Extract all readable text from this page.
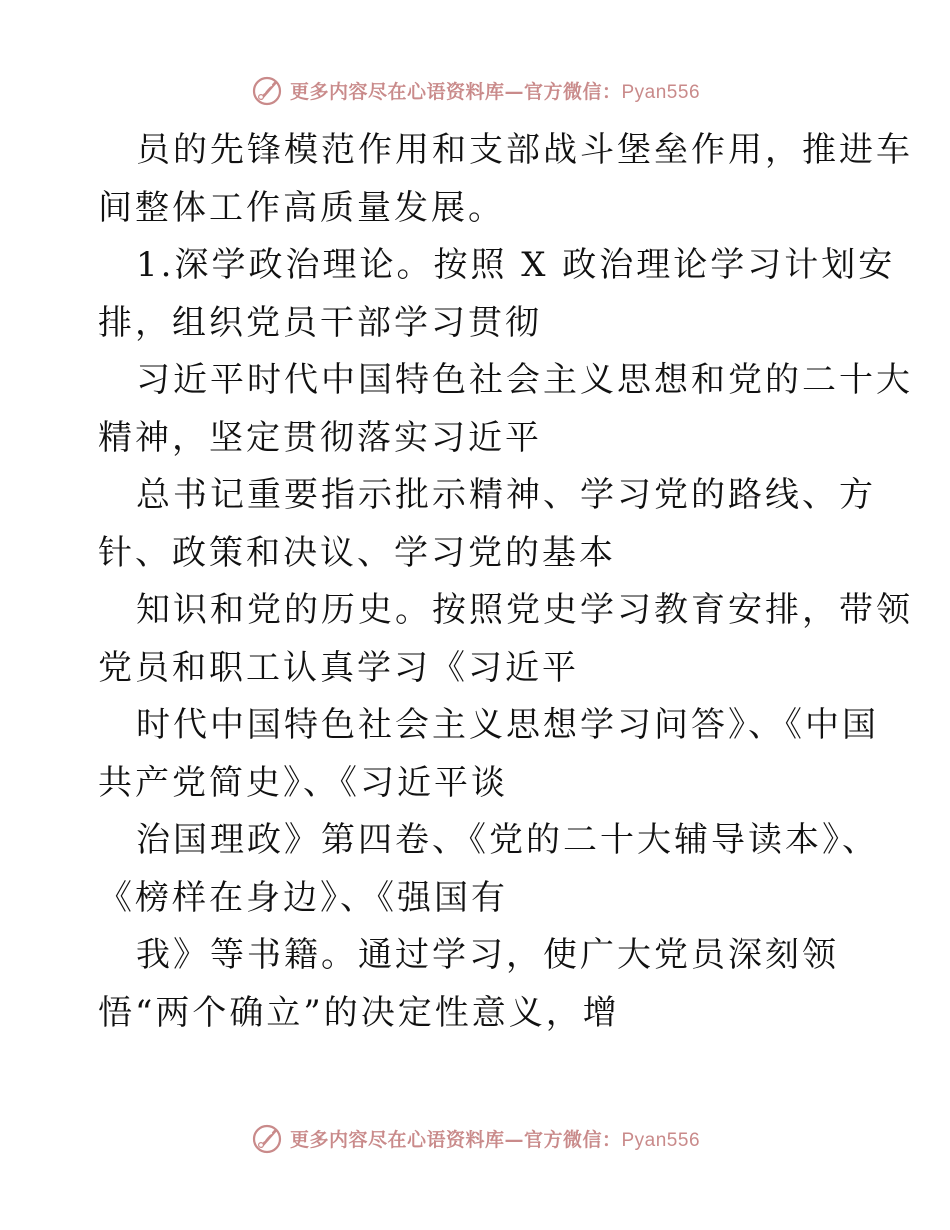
更多内容尽在心语资料库—官方微信：Pyan556
员的先锋模范作用和支部战斗堡垒作用，推进车
间整体工作高质量发展。
1.深学政治理论。按照 X 政治理论学习计划安
排，组织党员干部学习贯彻
习近平时代中国特色社会主义思想和党的二十大
精神，坚定贯彻落实习近平
总书记重要指示批示精神、学习党的路线、方
针、政策和决议、学习党的基本
知识和党的历史。按照党史学习教育安排，带领
党员和职工认真学习《习近平
时代中国特色社会主义思想学习问答》、《中国
共产党简史》、《习近平谈
治国理政》第四卷、《党的二十大辅导读本》、
《榜样在身边》、《强国有
我》等书籍。通过学习，使广大党员深刻领
悟“两个确立”的决定性意义，增
更多内容尽在心语资料库—官方微信：Pyan556
